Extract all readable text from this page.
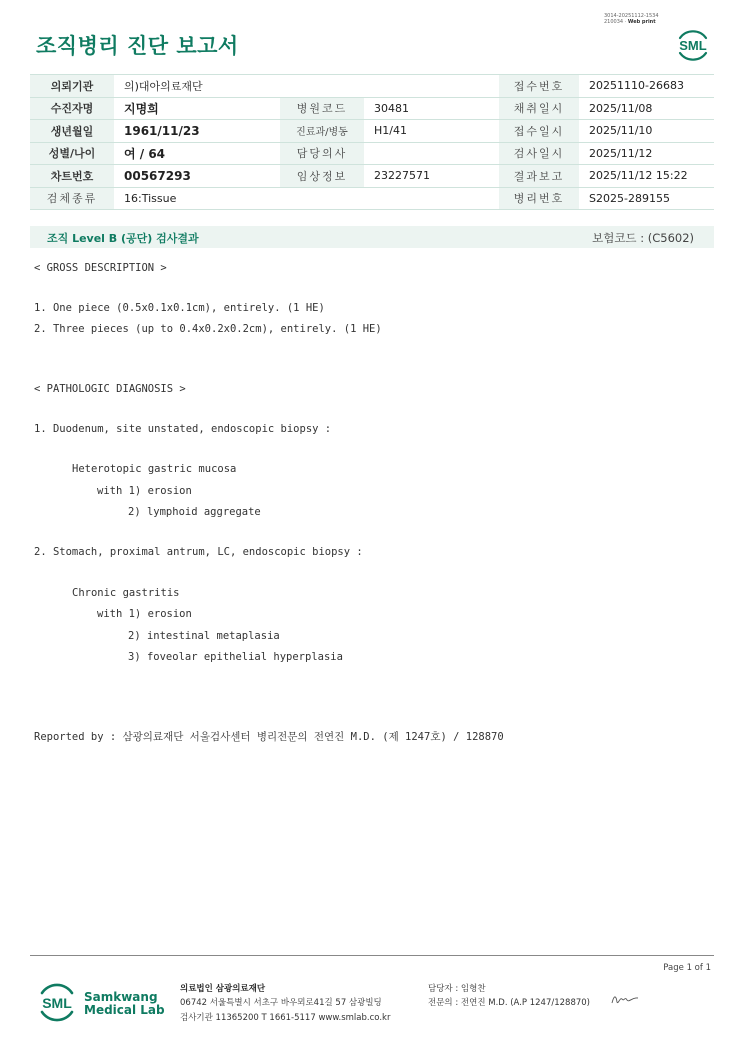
3014-20251112-1534
210034 · Web print
조직병리 진단 보고서	SML
의뢰기관	의)대아의료재단			접수번호	20251110-26683
수진자명	지명희	병원코드	30481	채취일시	2025/11/08
생년월일	1961/11/23	진료과/병동	H1/41	접수일시	2025/11/10
성별/나이	여 / 64	담당의사		검사일시	2025/11/12
차트번호	00567293	임상정보	23227571	결과보고	2025/11/12 15:22
검체종류	16:Tissue			병리번호	S2025-289155
조직 Level B (공단) 검사결과	보험코드 : (C5602)
< GROSS DESCRIPTION >
1. One piece (0.5x0.1x0.1cm), entirely. (1 HE)
2. Three pieces (up to 0.4x0.2x0.2cm), entirely. (1 HE)
< PATHOLOGIC DIAGNOSIS >
1. Duodenum, site unstated, endoscopic biopsy :
Heterotopic gastric mucosa
with 1) erosion
2) lymphoid aggregate
2. Stomach, proximal antrum, LC, endoscopic biopsy :
Chronic gastritis
with 1) erosion
2) intestinal metaplasia
3) foveolar epithelial hyperplasia
Reported by : 삼광의료재단 서울검사센터 병리전문의 전연진 M.D. (제 1247호) / 128870
Page 1 of 1
SML Samkwang
Medical Lab
의료법인 삼광의료재단
06742 서울특별시 서초구 바우뫼로41길 57 삼광빌딩
검사기관 11365200 T 1661-5117 www.smlab.co.kr
담당자 : 임형찬
전문의 : 전연진 M.D. (A.P 1247/128870)
